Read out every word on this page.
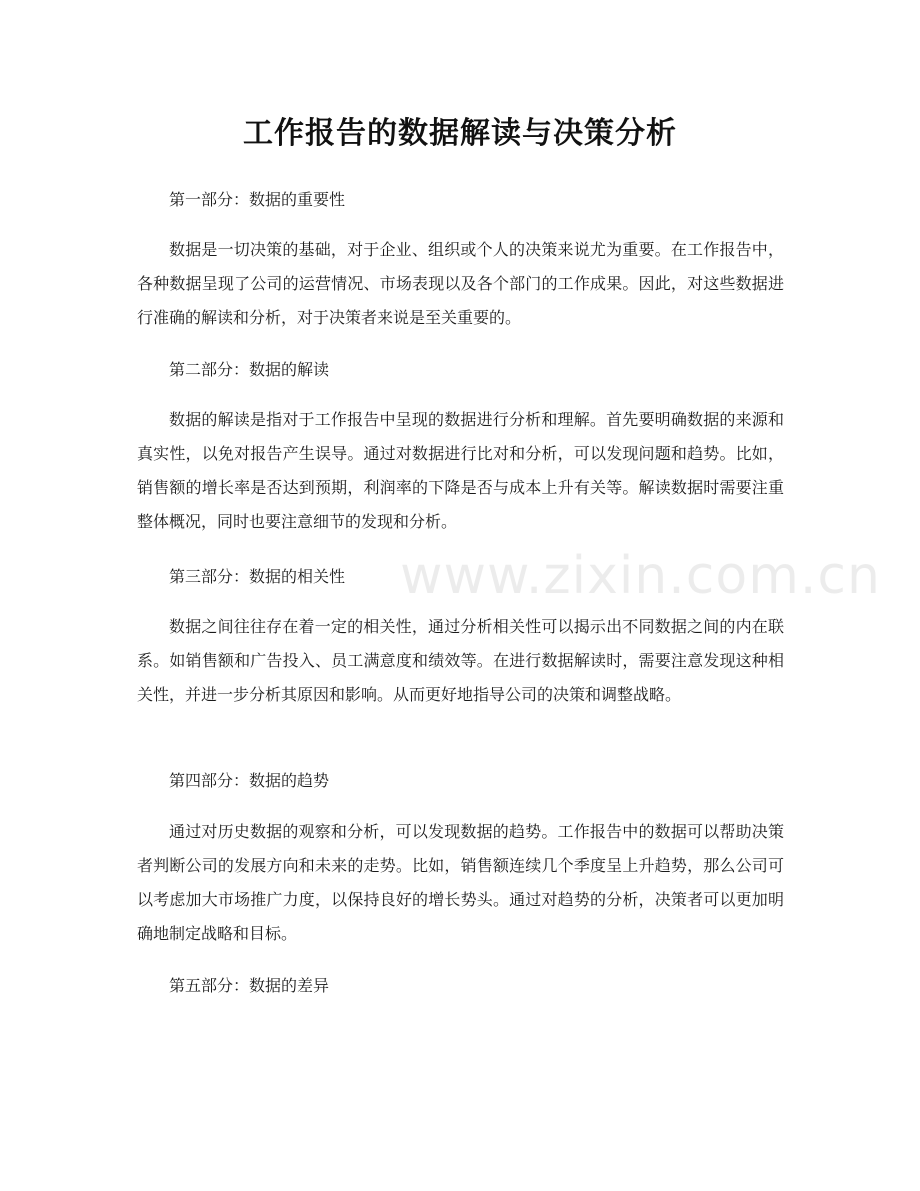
工作报告的数据解读与决策分析

第一部分：数据的重要性

数据是一切决策的基础，对于企业、组织或个人的决策来说尤为重要。在工作报告中，各种数据呈现了公司的运营情况、市场表现以及各个部门的工作成果。因此，对这些数据进行准确的解读和分析，对于决策者来说是至关重要的。

第二部分：数据的解读

数据的解读是指对于工作报告中呈现的数据进行分析和理解。首先要明确数据的来源和真实性，以免对报告产生误导。通过对数据进行比对和分析，可以发现问题和趋势。比如，销售额的增长率是否达到预期，利润率的下降是否与成本上升有关等。解读数据时需要注重整体概况，同时也要注意细节的发现和分析。

第三部分：数据的相关性

数据之间往往存在着一定的相关性，通过分析相关性可以揭示出不同数据之间的内在联系。如销售额和广告投入、员工满意度和绩效等。在进行数据解读时，需要注意发现这种相关性，并进一步分析其原因和影响。从而更好地指导公司的决策和调整战略。

第四部分：数据的趋势

通过对历史数据的观察和分析，可以发现数据的趋势。工作报告中的数据可以帮助决策者判断公司的发展方向和未来的走势。比如，销售额连续几个季度呈上升趋势，那么公司可以考虑加大市场推广力度，以保持良好的增长势头。通过对趋势的分析，决策者可以更加明确地制定战略和目标。

第五部分：数据的差异

www.zixin.com.cn
